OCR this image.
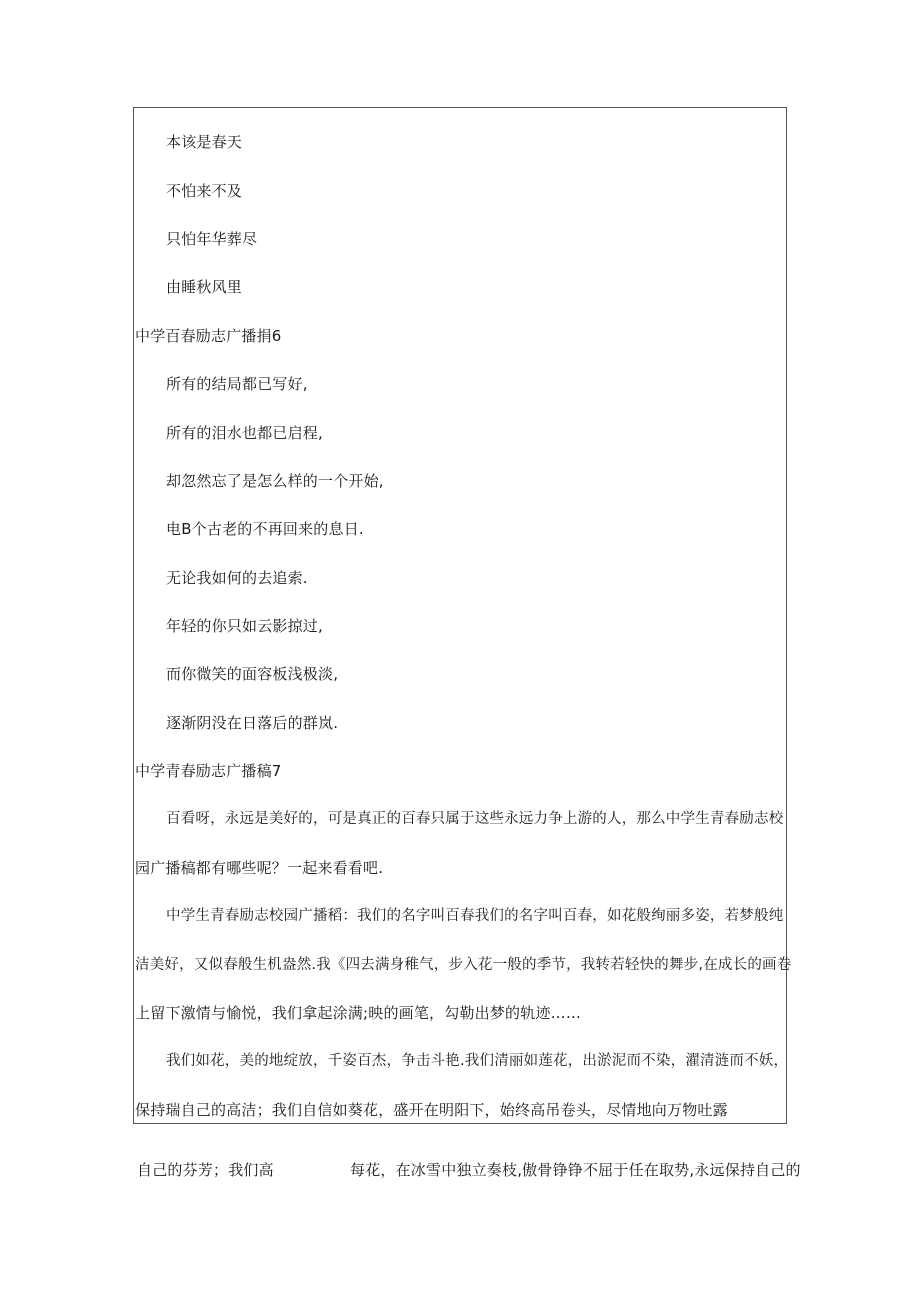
本该是春天
不怕来不及
只怕年华葬尽
由睡秋风里
中学百春励志广播捐6
所有的结局都已写好,
所有的泪水也都已启程,
却忽然忘了是怎么样的一个开始,
电B个古老的不再回来的息日.
无论我如何的去追索.
年轻的你只如云影掠过,
而你微笑的面容板浅极淡,
逐渐阴没在日落后的群岚.
中学青春励志广播稿7
百看呀，永远是美好的，可是真正的百春只属于这些永远力争上游的人，那么中学生青春励志校
园广播稿都有哪些呢？一起来看看吧.
中学生青春励志校园广播稻：我们的名字叫百春我们的名字叫百春，如花般绚丽多姿，若梦般纯
洁美好，又似春般生机盎然.我《四去满身稚气，步入花一般的季节，我转若轻快的舞步,在成长的画卷
上留下激情与愉悦，我们拿起涂满;映的画笔，勾勒出梦的轨迹……
我们如花，美的地绽放，千姿百杰，争击斗艳.我们清丽如莲花，出淤泥而不染，濯清涟而不妖，
保持瑞自己的高洁；我们自信如葵花，盛开在明阳下，始终高吊卷头，尽情地向万物吐露
自己的芬芳；我们高	每花，在冰雪中独立奏枝,傲骨铮铮不屈于任在取势,永远保持自己的
